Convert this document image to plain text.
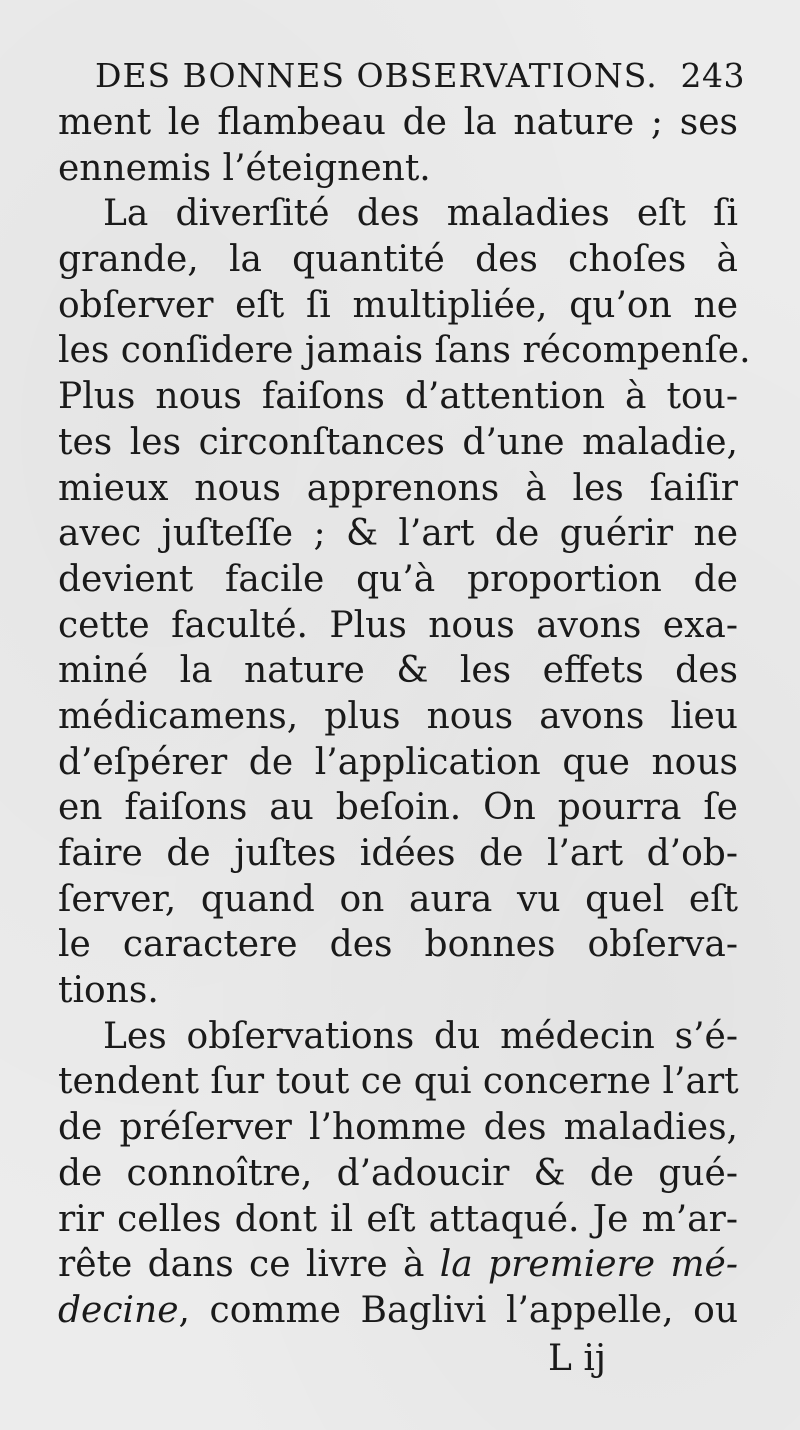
DES BONNES OBSERVATIONS. 243
ment le flambeau de la nature ; ses
ennemis l’éteignent.
La diverſité des maladies eſt ſi
grande, la quantité des choſes à
obſerver eſt ſi multipliée, qu’on ne
les conſidere jamais ſans récompenſe.
Plus nous faiſons d’attention à tou-
tes les circonſtances d’une maladie,
mieux nous apprenons à les ſaiſir
avec juſteſſe ; & l’art de guérir ne
devient facile qu’à proportion de
cette faculté. Plus nous avons exa-
miné la nature & les effets des
médicamens, plus nous avons lieu
d’eſpérer de l’application que nous
en faiſons au beſoin. On pourra ſe
faire de juſtes idées de l’art d’ob-
ſerver, quand on aura vu quel eſt
le caractere des bonnes obſerva-
tions.
Les obſervations du médecin s’é-
tendent ſur tout ce qui concerne l’art
de préſerver l’homme des maladies,
de connoître, d’adoucir & de gué-
rir celles dont il eſt attaqué. Je m’ar-
rête dans ce livre à la premiere mé-
decine, comme Baglivi l’appelle, ou
L ij
